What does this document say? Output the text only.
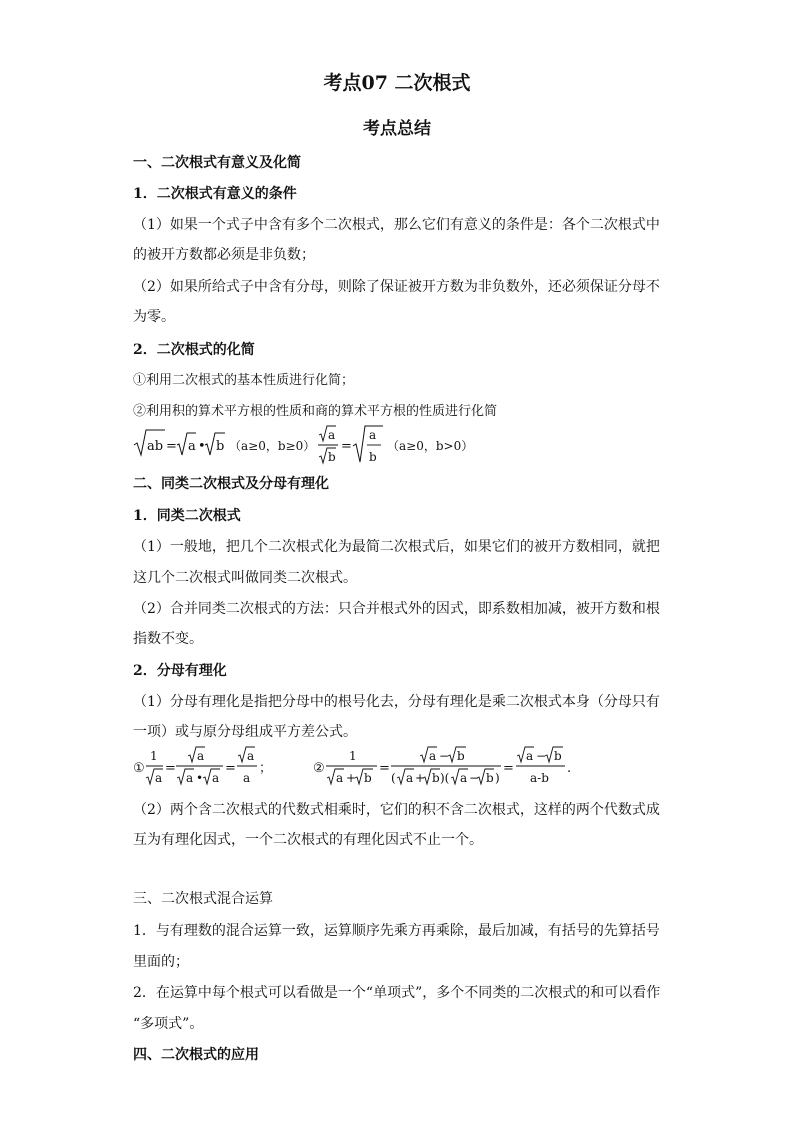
考点07 二次根式
考点总结
一、二次根式有意义及化简
1．二次根式有意义的条件
（1）如果一个式子中含有多个二次根式，那么它们有意义的条件是：各个二次根式中
的被开方数都必须是非负数；
（2）如果所给式子中含有分母，则除了保证被开方数为非负数外，还必须保证分母不
为零。
2．二次根式的化简
①利用二次根式的基本性质进行化简；
②利用积的算术平方根的性质和商的算术平方根的性质进行化简
ab = a • b （a≥0，b≥0）
a
b
=
a
b
（a≥0，b>0）
二、同类二次根式及分母有理化
1．同类二次根式
（1）一般地，把几个二次根式化为最简二次根式后，如果它们的被开方数相同，就把
这几个二次根式叫做同类二次根式。
（2）合并同类二次根式的方法：只合并根式外的因式，即系数相加减，被开方数和根
指数不变。
2．分母有理化
（1）分母有理化是指把分母中的根号化去，分母有理化是乘二次根式本身（分母只有
一项）或与原分母组成平方差公式。
①
1
a
=
a
a • a
=
a
a
；	②
1
a + b
=
a − b
( a + b )( a − b )
=
a − b
a-b
.
（2）两个含二次根式的代数式相乘时，它们的积不含二次根式，这样的两个代数式成
互为有理化因式，一个二次根式的有理化因式不止一个。
三、二次根式混合运算
1．与有理数的混合运算一致，运算顺序先乘方再乘除，最后加减，有括号的先算括号
里面的；
2．在运算中每个根式可以看做是一个“单项式”，多个不同类的二次根式的和可以看作
“多项式”。
四、二次根式的应用
